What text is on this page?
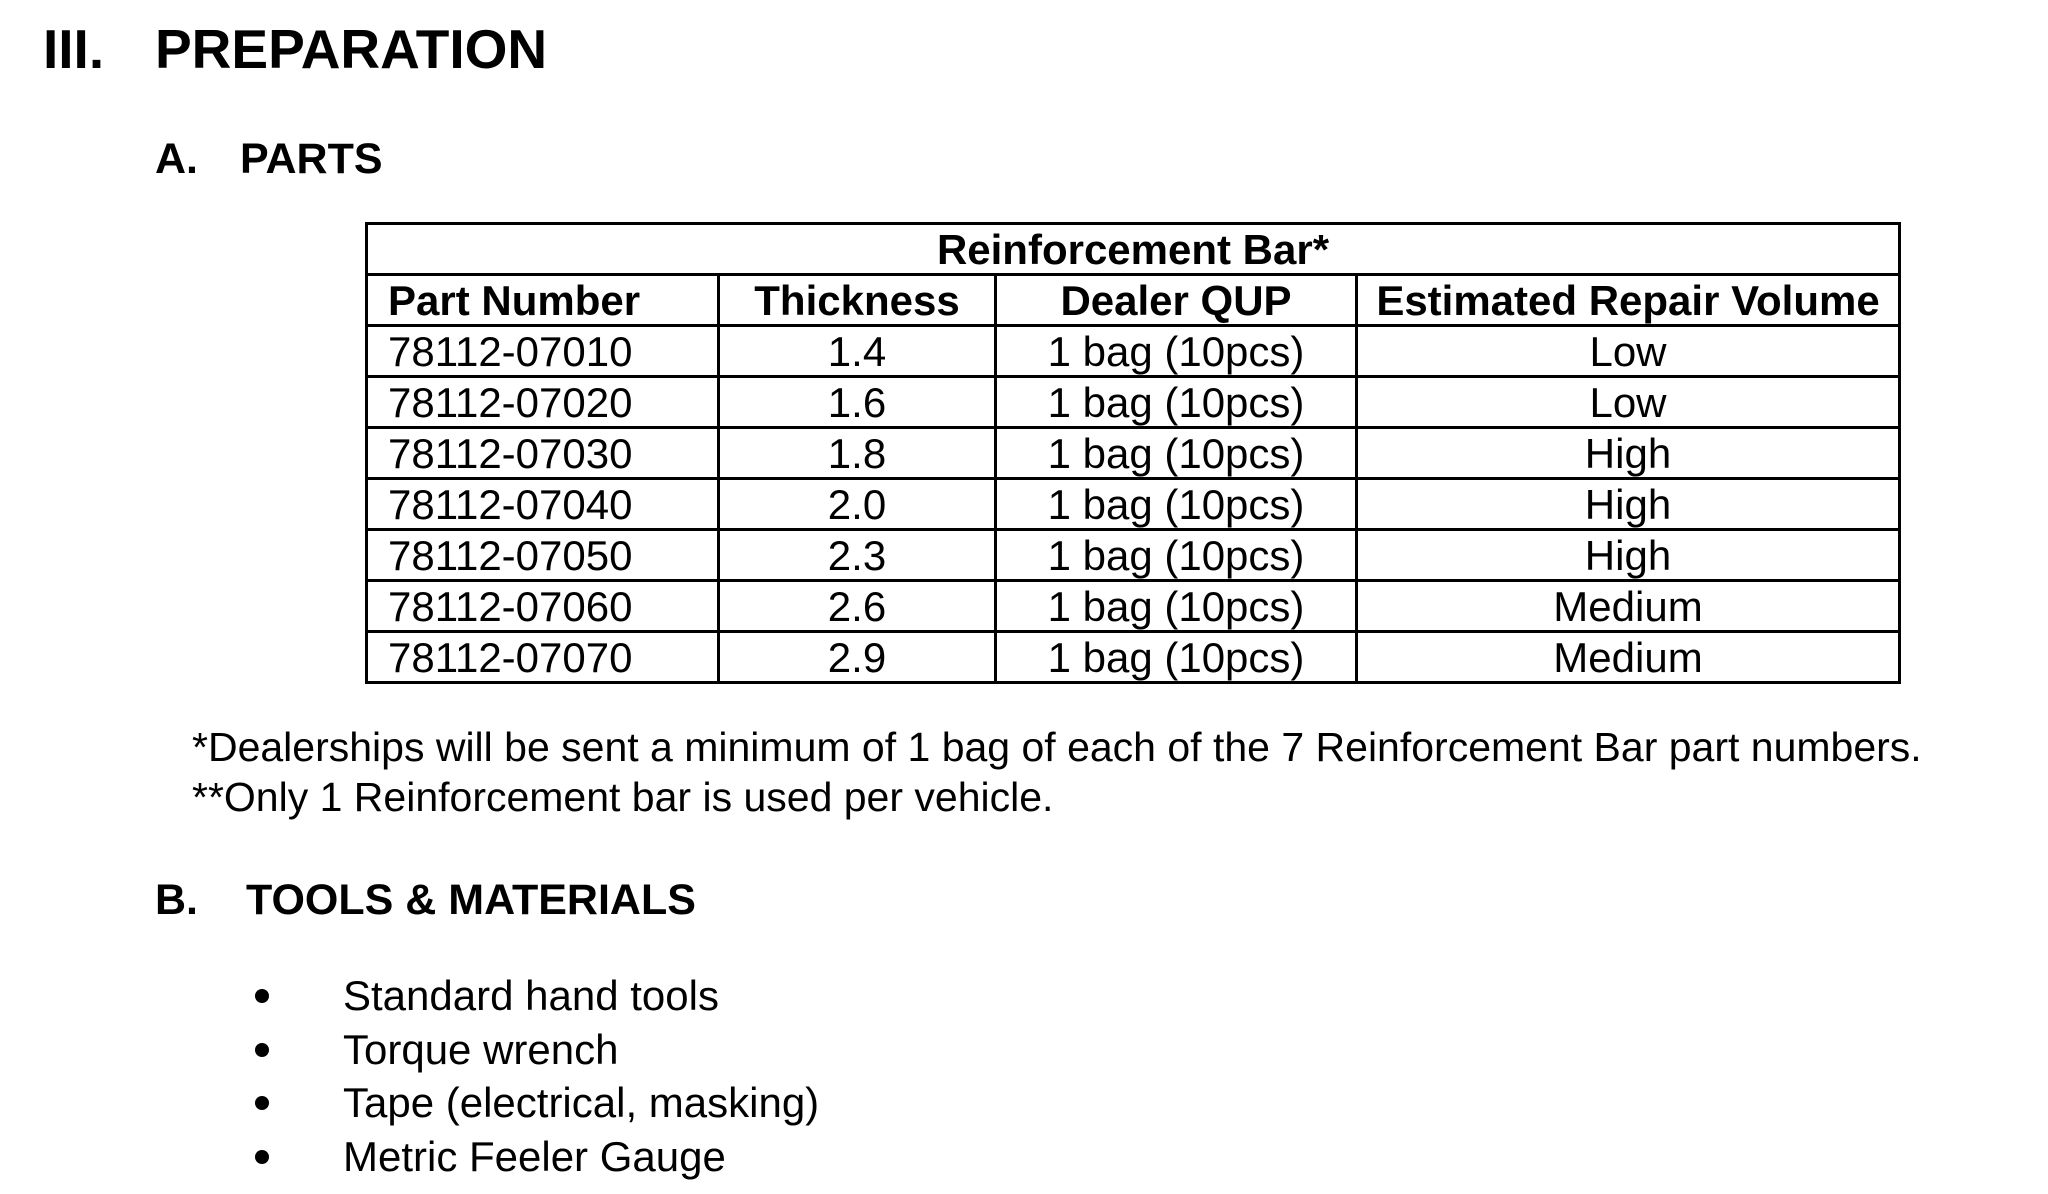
III. PREPARATION
A. PARTS
Reinforcement Bar*			
Part Number	Thickness	Dealer QUP	Estimated Repair Volume
78112-07010	1.4	1 bag (10pcs)	Low
78112-07020	1.6	1 bag (10pcs)	Low
78112-07030	1.8	1 bag (10pcs)	High
78112-07040	2.0	1 bag (10pcs)	High
78112-07050	2.3	1 bag (10pcs)	High
78112-07060	2.6	1 bag (10pcs)	Medium
78112-07070	2.9	1 bag (10pcs)	Medium
*Dealerships will be sent a minimum of 1 bag of each of the 7 Reinforcement Bar part numbers.
**Only 1 Reinforcement bar is used per vehicle.
B. TOOLS & MATERIALS
Standard hand tools
Torque wrench
Tape (electrical, masking)
Metric Feeler Gauge
